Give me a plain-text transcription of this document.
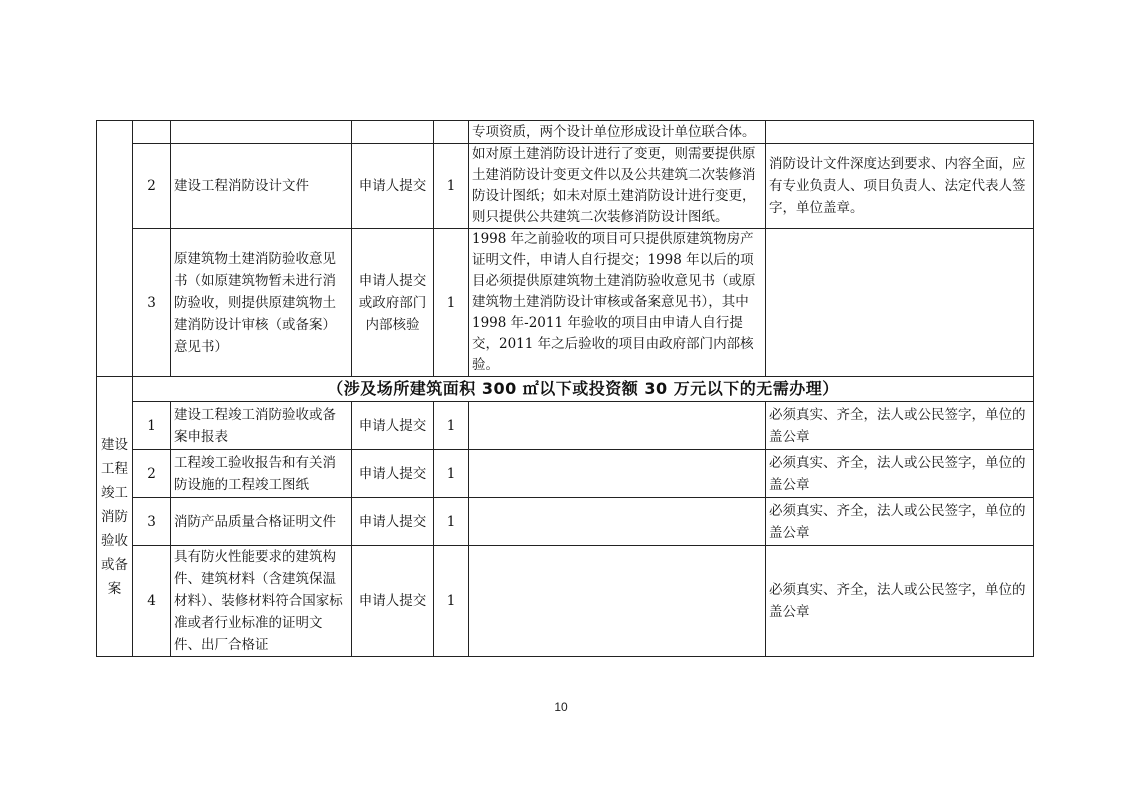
					专项资质，两个设计单位形成设计单位联合体。	
	2	建设工程消防设计文件	申请人提交	1	如对原土建消防设计进行了变更，则需要提供原土建消防设计变更文件以及公共建筑二次装修消防设计图纸；如未对原土建消防设计进行变更，则只提供公共建筑二次装修消防设计图纸。	消防设计文件深度达到要求、内容全面，应有专业负责人、项目负责人、法定代表人签字，单位盖章。
	3	原建筑物土建消防验收意见书（如原建筑物暂未进行消防验收，则提供原建筑物土建消防设计审核（或备案）意见书）	申请人提交或政府部门内部核验	1	1998 年之前验收的项目可只提供原建筑物房产证明文件，申请人自行提交；1998 年以后的项目必须提供原建筑物土建消防验收意见书（或原建筑物土建消防设计审核或备案意见书），其中 1998 年-2011 年验收的项目由申请人自行提交，2011 年之后验收的项目由政府部门内部核验。	
建设工程竣工消防验收或备案	（涉及场所建筑面积 300 ㎡以下或投资额 30 万元以下的无需办理）					
	1	建设工程竣工消防验收或备案申报表	申请人提交	1		必须真实、齐全，法人或公民签字，单位的盖公章
	2	工程竣工验收报告和有关消防设施的工程竣工图纸	申请人提交	1		必须真实、齐全，法人或公民签字，单位的盖公章
	3	消防产品质量合格证明文件	申请人提交	1		必须真实、齐全，法人或公民签字，单位的盖公章
	4	具有防火性能要求的建筑构件、建筑材料（含建筑保温材料）、装修材料符合国家标准或者行业标准的证明文件、出厂合格证	申请人提交	1		必须真实、齐全，法人或公民签字，单位的盖公章
10
